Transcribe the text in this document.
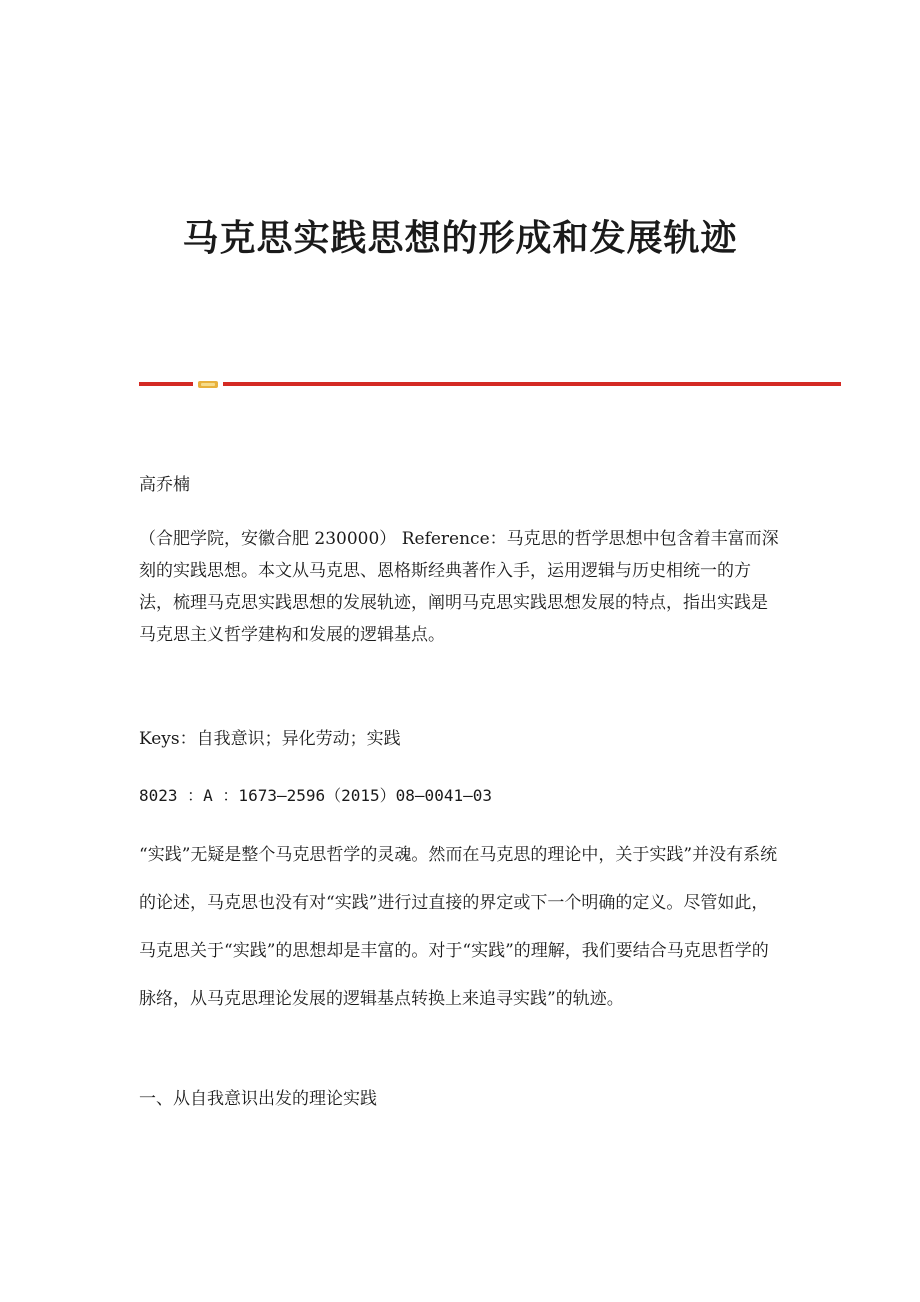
马克思实践思想的形成和发展轨迹

高乔楠

（合肥学院，安徽合肥 230000） Reference：马克思的哲学思想中包含着丰富而深刻的实践思想。本文从马克思、恩格斯经典著作入手，运用逻辑与历史相统一的方法，梳理马克思实践思想的发展轨迹，阐明马克思实践思想发展的特点，指出实践是马克思主义哲学建构和发展的逻辑基点。

Keys：自我意识；异化劳动；实践

8023 ：A ：1673—2596（2015）08—0041—03

“实践”无疑是整个马克思哲学的灵魂。然而在马克思的理论中，关于实践”并没有系统的论述，马克思也没有对“实践”进行过直接的界定或下一个明确的定义。尽管如此，马克思关于“实践”的思想却是丰富的。对于“实践”的理解，我们要结合马克思哲学的脉络，从马克思理论发展的逻辑基点转换上来追寻实践”的轨迹。

一、从自我意识出发的理论实践
